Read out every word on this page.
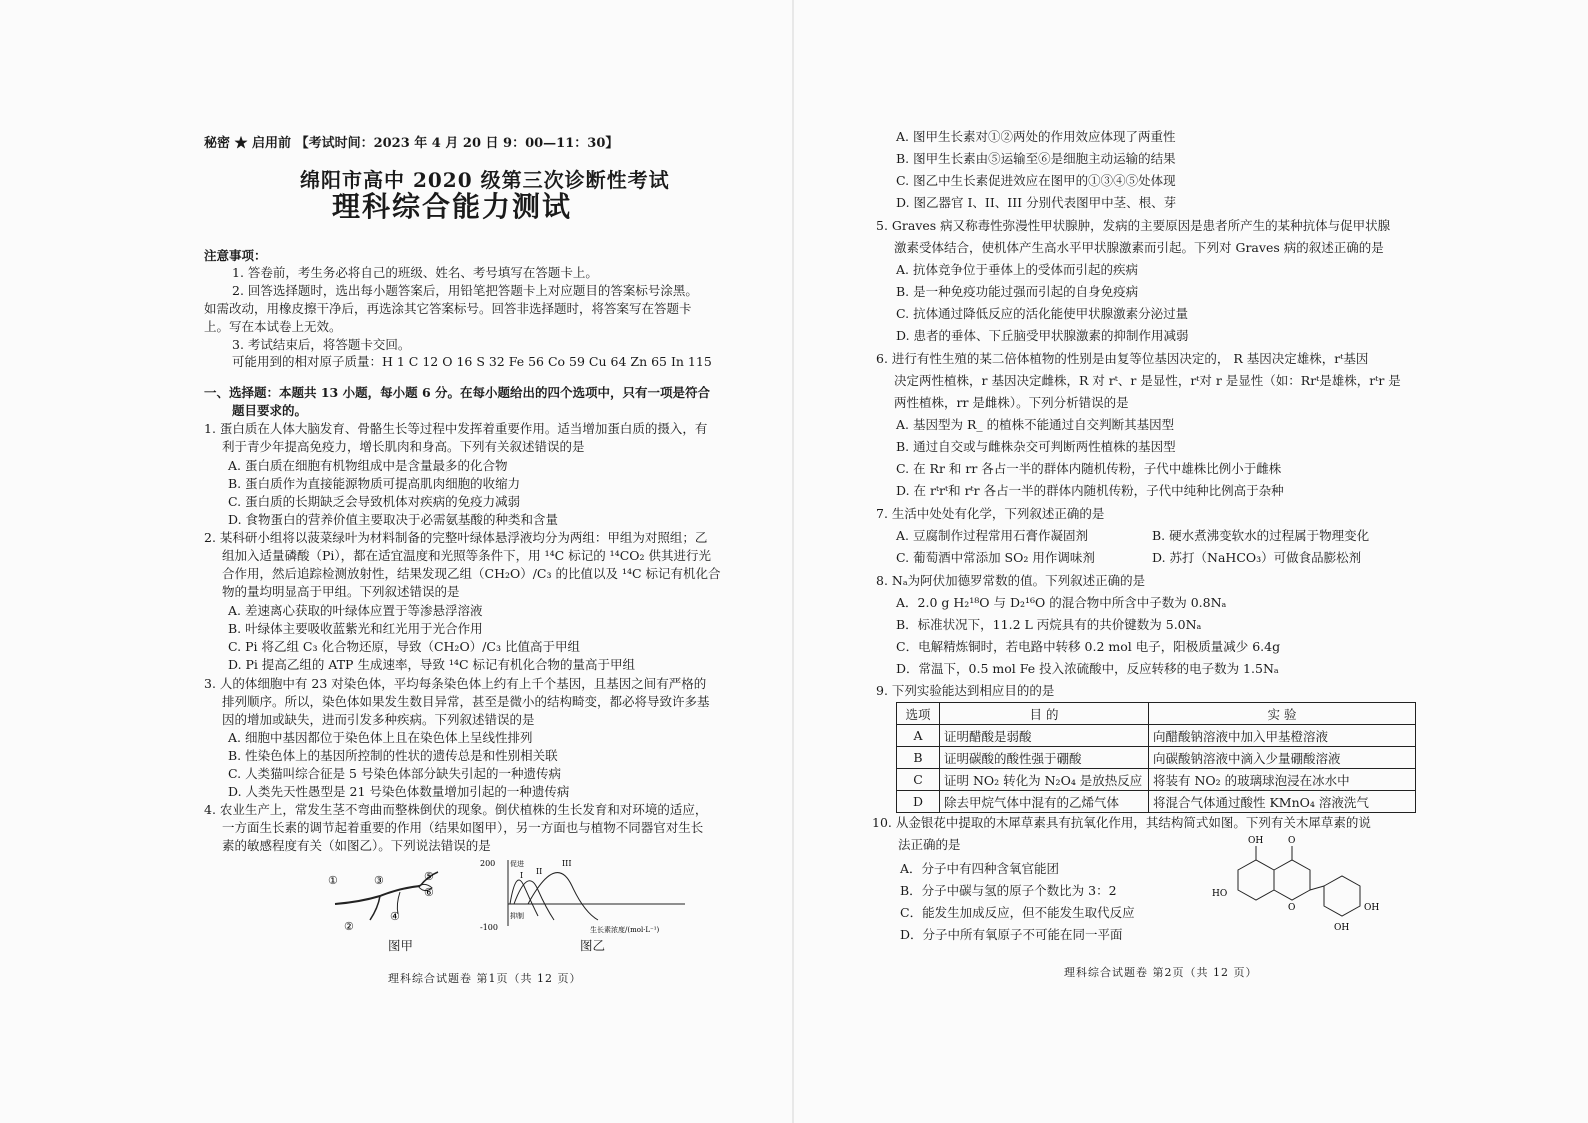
秘密 ★ 启用前 【考试时间：2023 年 4 月 20 日 9：00—11：30】
绵阳市高中 2020 级第三次诊断性考试
理科综合能力测试
注意事项：
1. 答卷前，考生务必将自己的班级、姓名、考号填写在答题卡上。
2. 回答选择题时，选出每小题答案后，用铅笔把答题卡上对应题目的答案标号涂黑。
如需改动，用橡皮擦干净后，再选涂其它答案标号。回答非选择题时，将答案写在答题卡
上。写在本试卷上无效。
3. 考试结束后，将答题卡交回。
可能用到的相对原子质量：H 1 C 12 O 16 S 32 Fe 56 Co 59 Cu 64 Zn 65 In 115
一、选择题：本题共 13 小题，每小题 6 分。在每小题给出的四个选项中，只有一项是符合
题目要求的。
1. 蛋白质在人体大脑发育、骨骼生长等过程中发挥着重要作用。适当增加蛋白质的摄入，有
利于青少年提高免疫力，增长肌肉和身高。下列有关叙述错误的是
A. 蛋白质在细胞有机物组成中是含量最多的化合物
B. 蛋白质作为直接能源物质可提高肌肉细胞的收缩力
C. 蛋白质的长期缺乏会导致机体对疾病的免疫力减弱
D. 食物蛋白的营养价值主要取决于必需氨基酸的种类和含量
2. 某科研小组将以菠菜绿叶为材料制备的完整叶绿体悬浮液均分为两组：甲组为对照组；乙
组加入适量磷酸（Pi），都在适宜温度和光照等条件下，用 ¹⁴C 标记的 ¹⁴CO₂ 供其进行光
合作用，然后追踪检测放射性，结果发现乙组（CH₂O）/C₃ 的比值以及 ¹⁴C 标记有机化合
物的量均明显高于甲组。下列叙述错误的是
A. 差速离心获取的叶绿体应置于等渗悬浮溶液
B. 叶绿体主要吸收蓝紫光和红光用于光合作用
C. Pi 将乙组 C₃ 化合物还原，导致（CH₂O）/C₃ 比值高于甲组
D. Pi 提高乙组的 ATP 生成速率，导致 ¹⁴C 标记有机化合物的量高于甲组
3. 人的体细胞中有 23 对染色体，平均每条染色体上约有上千个基因，且基因之间有严格的
排列顺序。所以，染色体如果发生数目异常，甚至是微小的结构畸变，都必将导致许多基
因的增加或缺失，进而引发多种疾病。下列叙述错误的是
A. 细胞中基因都位于染色体上且在染色体上呈线性排列
B. 性染色体上的基因所控制的性状的遗传总是和性别相关联
C. 人类猫叫综合征是 5 号染色体部分缺失引起的一种遗传病
D. 人类先天性愚型是 21 号染色体数量增加引起的一种遗传病
4. 农业生产上，常发生茎不弯曲而整株倒伏的现象。倒伏植株的生长发育和对环境的适应，
一方面生长素的调节起着重要的作用（结果如图甲），另一方面也与植物不同器官对生长
素的敏感程度有关（如图乙）。下列说法错误的是
①
②
③
④
⑤
⑥
图甲
200
-100
促进
抑制
I II
III
生长素浓度/(mol·L⁻¹)
图乙
理科综合试题卷 第1页（共 12 页）
A. 图甲生长素对①②两处的作用效应体现了两重性
B. 图甲生长素由⑤运输至⑥是细胞主动运输的结果
C. 图乙中生长素促进效应在图甲的①③④⑤处体现
D. 图乙器官 I、II、III 分别代表图甲中茎、根、芽
5. Graves 病又称毒性弥漫性甲状腺肿，发病的主要原因是患者所产生的某种抗体与促甲状腺
激素受体结合，使机体产生高水平甲状腺激素而引起。下列对 Graves 病的叙述正确的是
A. 抗体竞争位于垂体上的受体而引起的疾病
B. 是一种免疫功能过强而引起的自身免疫病
C. 抗体通过降低反应的活化能使甲状腺激素分泌过量
D. 患者的垂体、下丘脑受甲状腺激素的抑制作用减弱
6. 进行有性生殖的某二倍体植物的性别是由复等位基因决定的， R 基因决定雄株，rᵗ基因
决定两性植株，r 基因决定雌株，R 对 rᵗ、r 是显性，rᵗ对 r 是显性（如：Rrᵗ是雄株，rᵗr 是
两性植株，rr 是雌株）。下列分析错误的是
A. 基因型为 R_ 的植株不能通过自交判断其基因型
B. 通过自交或与雌株杂交可判断两性植株的基因型
C. 在 Rr 和 rr 各占一半的群体内随机传粉，子代中雄株比例小于雌株
D. 在 rᵗrᵗ和 rᵗr 各占一半的群体内随机传粉，子代中纯种比例高于杂种
7. 生活中处处有化学，下列叙述正确的是
A. 豆腐制作过程常用石膏作凝固剂	B. 硬水煮沸变软水的过程属于物理变化
C. 葡萄酒中常添加 SO₂ 用作调味剂	D. 苏打（NaHCO₃）可做食品膨松剂
8. Nₐ为阿伏加德罗常数的值。下列叙述正确的是
A．2.0 g H₂¹⁸O 与 D₂¹⁶O 的混合物中所含中子数为 0.8Nₐ
B．标准状况下，11.2 L 丙烷具有的共价键数为 5.0Nₐ
C．电解精炼铜时，若电路中转移 0.2 mol 电子，阳极质量减少 6.4g
D．常温下，0.5 mol Fe 投入浓硫酸中，反应转移的电子数为 1.5Nₐ
9. 下列实验能达到相应目的的是
选项	目 的	实 验
A	证明醋酸是弱酸	向醋酸钠溶液中加入甲基橙溶液
B	证明碳酸的酸性强于硼酸	向碳酸钠溶液中滴入少量硼酸溶液
C	证明 NO₂ 转化为 N₂O₄ 是放热反应	将装有 NO₂ 的玻璃球泡浸在冰水中
D	除去甲烷气体中混有的乙烯气体	将混合气体通过酸性 KMnO₄ 溶液洗气
10. 从金银花中提取的木犀草素具有抗氧化作用，其结构简式如图。下列有关木犀草素的说
法正确的是
A．分子中有四种含氧官能团
B．分子中碳与氢的原子个数比为 3：2
C．能发生加成反应，但不能发生取代反应
D．分子中所有氧原子不可能在同一平面
OH	O
HO
O	OH
OH
理科综合试题卷 第2页（共 12 页）
